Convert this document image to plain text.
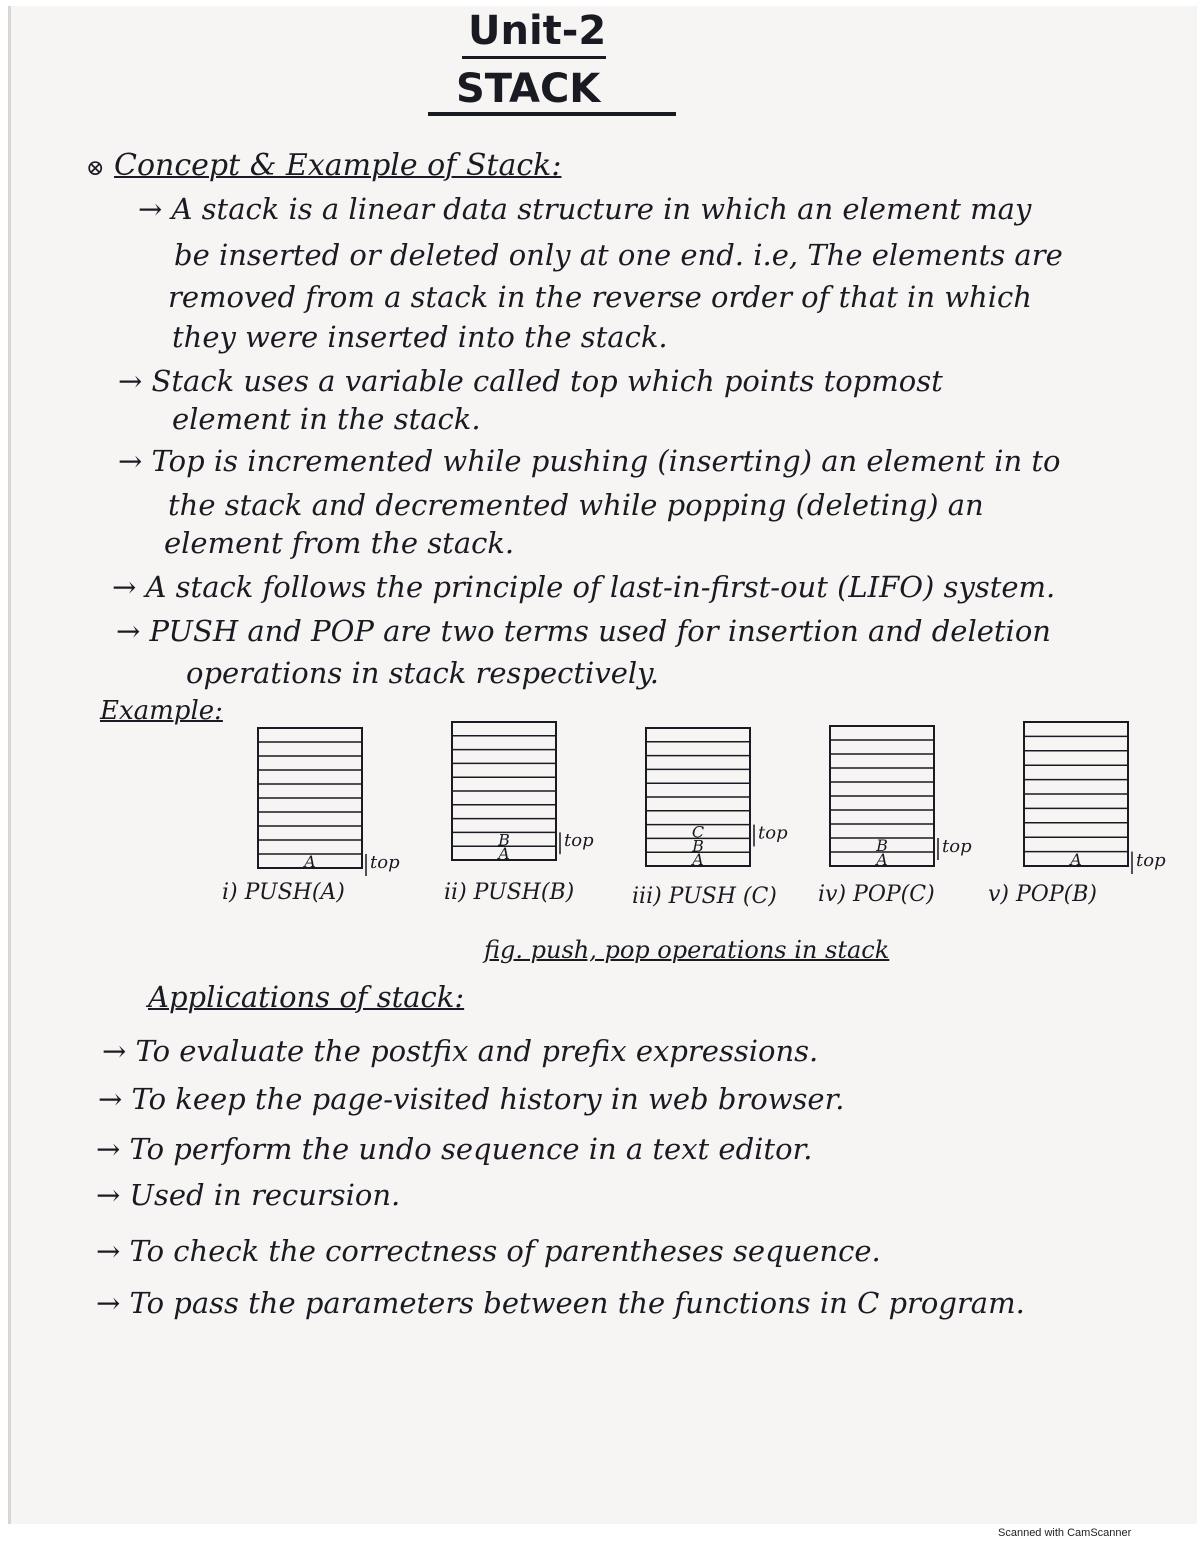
Unit-2
STACK
⊗ Concept & Example of Stack:
→ A stack is a linear data structure in which an element may
be inserted or deleted only at one end. i.e, The elements are
removed from a stack in the reverse order of that in which
they were inserted into the stack.
→ Stack uses a variable called top which points topmost
element in the stack.
→ Top is incremented while pushing (inserting) an element in to
the stack and decremented while popping (deleting) an
element from the stack.
→ A stack follows the principle of last-in-first-out (LIFO) system.
→ PUSH and POP are two terms used for insertion and deletion
operations in stack respectively.
Example:
A	top	A
B	top
A
B
C	top
A
B	top
A	top
i) PUSH(A)	ii) PUSH(B)	iii) PUSH (C) iv) POP(C) v) POP(B)
fig. push, pop operations in stack
Applications of stack:
→ To evaluate the postfix and prefix expressions.
→ To keep the page-visited history in web browser.
→ To perform the undo sequence in a text editor.
→ Used in recursion.
→ To check the correctness of parentheses sequence.
→ To pass the parameters between the functions in C program.
Scanned with CamScanner
